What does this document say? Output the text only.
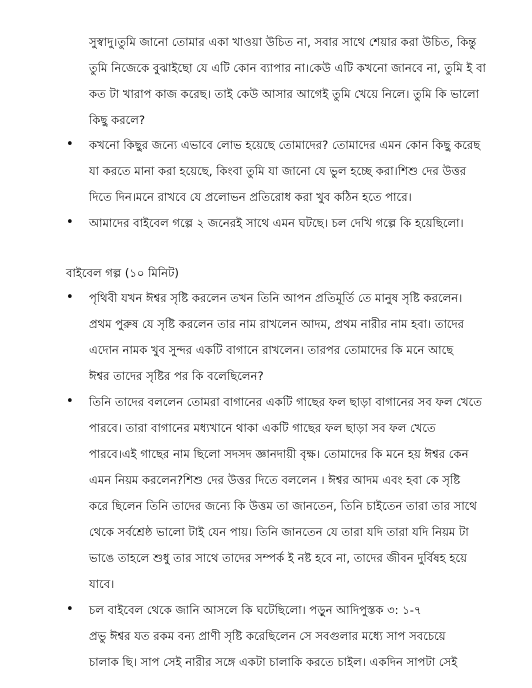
সুস্বাদু।তুমি জানো তোমার একা খাওয়া উচিত না, সবার সাথে শেয়ার করা উচিত, কিন্তু
তুমি নিজেকে বুঝাইছো যে এটি কোন ব্যাপার না।কেউ এটি কখনো জানবে না, তুমি ই বা
কত টা খারাপ কাজ করেছ। তাই কেউ আসার আগেই তুমি খেয়ে নিলে। তুমি কি ভালো
কিছু করলে?
• কখনো কিছুর জন্যে এভাবে লোভ হয়েছে তোমাদের? তোমাদের এমন কোন কিছু করেছ
যা করতে মানা করা হয়েছে, কিংবা তুমি যা জানো যে ভুল হচ্ছে করা।শিশু দের উত্তর
দিতে দিন।মনে রাখবে যে প্রলোভন প্রতিরোধ করা খুব কঠিন হতে পারে।
• আমাদের বাইবেল গল্পে ২ জনেরই সাথে এমন ঘটছে। চল দেখি গল্পে কি হয়েছিলো।
বাইবেল গল্প (১০ মিনিট)
• পৃথিবী যখন ঈশ্বর সৃষ্টি করলেন তখন তিনি আপন প্রতিমূর্তি তে মানুষ সৃষ্টি করলেন।
প্রথম পুরুষ যে সৃষ্টি করলেন তার নাম রাখলেন আদম, প্রথম নারীর নাম হবা। তাদের
এদোন নামক খুব সুন্দর একটি বাগানে রাখলেন। তারপর তোমাদের কি মনে আছে
ঈশ্বর তাদের সৃষ্টির পর কি বলেছিলেন?
• তিনি তাদের বললেন তোমরা বাগানের একটি গাছের ফল ছাড়া বাগানের সব ফল খেতে
পারবে। তারা বাগানের মধ্যখানে থাকা একটি গাছের ফল ছাড়া সব ফল খেতে
পারবে।এই গাছের নাম ছিলো সদসদ জ্ঞানদায়ী বৃক্ষ। তোমাদের কি মনে হয় ঈশ্বর কেন
এমন নিয়ম করলেন?শিশু দের উত্তর দিতে বললেন । ঈশ্বর আদম এবং হবা কে সৃষ্টি
করে ছিলেন তিনি তাদের জন্যে কি উত্তম তা জানতেন, তিনি চাইতেন তারা তার সাথে
থেকে সর্বশ্রেষ্ঠ ভালো টাই যেন পায়। তিনি জানতেন যে তারা যদি তারা যদি নিয়ম টা
ভাঙে তাহলে শুধু তার সাথে তাদের সম্পর্ক ই নষ্ট হবে না, তাদের জীবন দুর্বিষহ হয়ে
যাবে।
• চল বাইবেল থেকে জানি আসলে কি ঘটেছিলো। পড়ুন আদিপুস্তক ৩: ১-৭
প্রভু ঈশ্বর যত রকম বন্য প্রাণী সৃষ্টি করেছিলেন সে সবগুলার মধ্যে সাপ সবচেয়ে
চালাক ছি। সাপ সেই নারীর সঙ্গে একটা চালাকি করতে চাইল। একদিন সাপটা সেই
